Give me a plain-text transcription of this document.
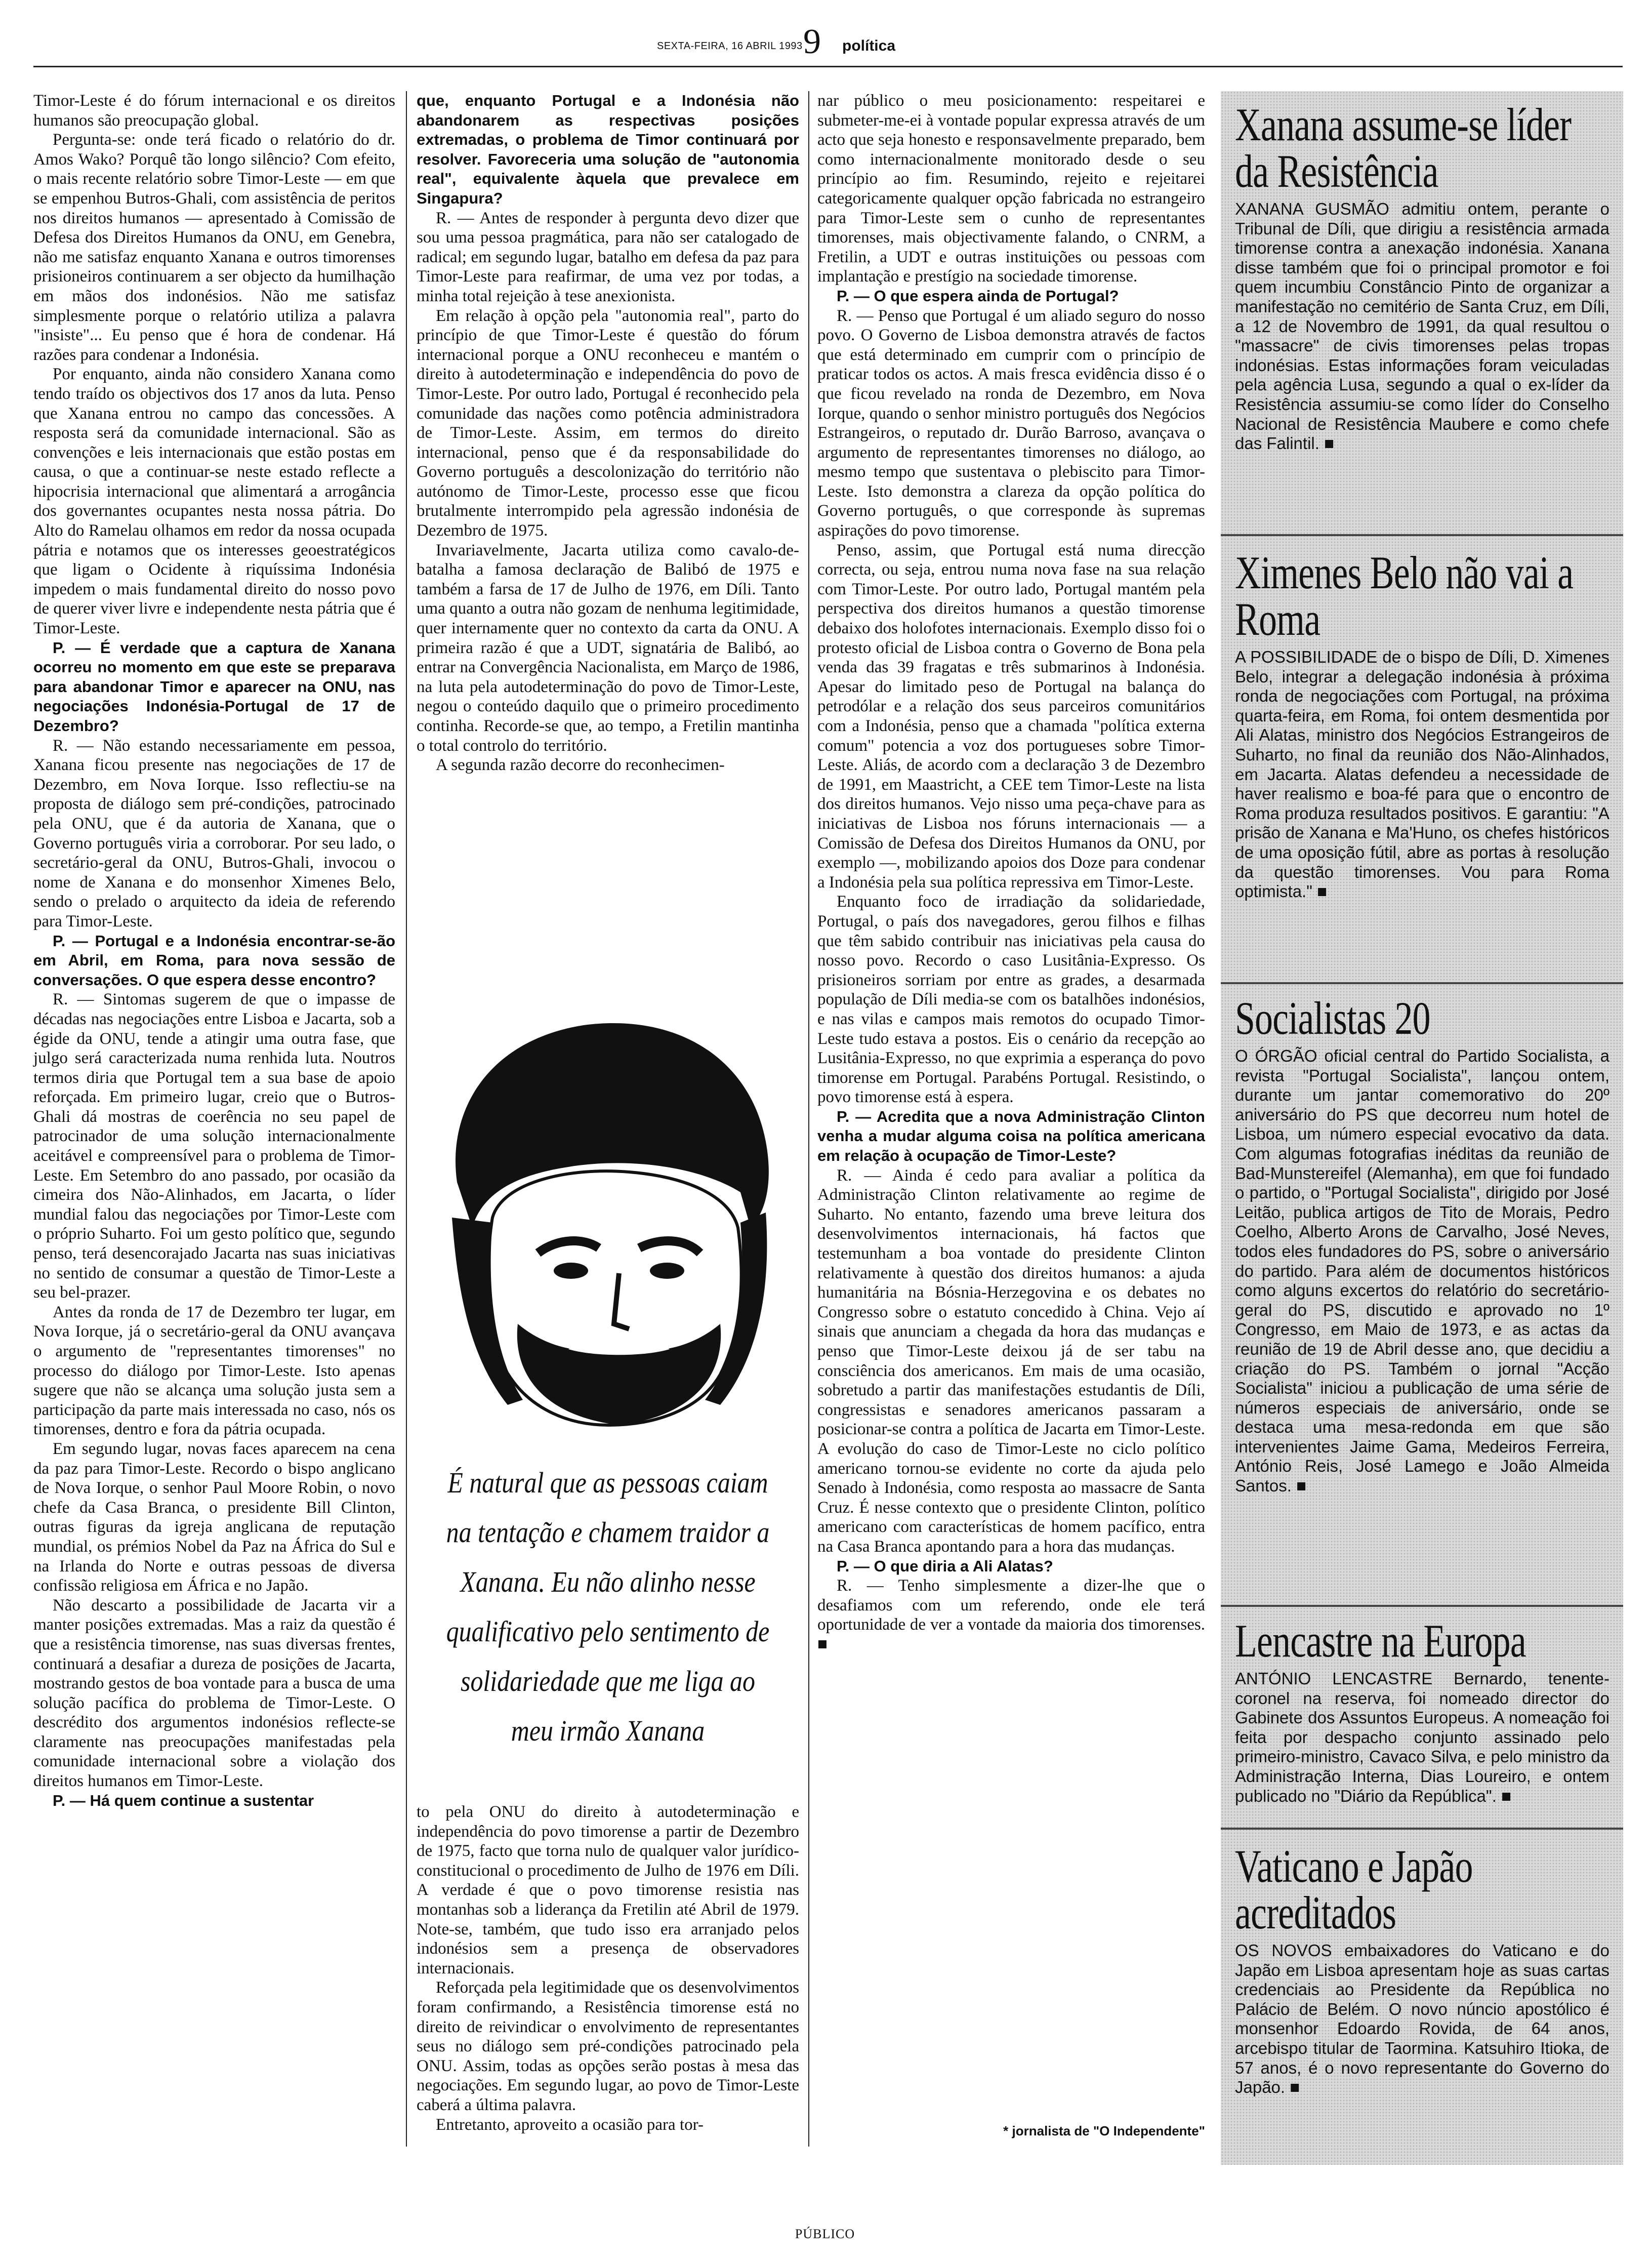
SEXTA-FEIRA, 16 ABRIL 1993 9 política

Timor-Leste é do fórum internacional e os direitos humanos são preocupação global.

Pergunta-se: onde terá ficado o relatório do dr. Amos Wako? Porquê tão longo silêncio? Com efeito, o mais recente relatório sobre Timor-Leste — em que se empenhou Butros-Ghali, com assistência de peritos nos direitos humanos — apresentado à Comissão de Defesa dos Direitos Humanos da ONU, em Genebra, não me satisfaz enquanto Xanana e outros timorenses prisioneiros continuarem a ser objecto da humilhação em mãos dos indonésios. Não me satisfaz simplesmente porque o relatório utiliza a palavra "insiste"... Eu penso que é hora de condenar. Há razões para condenar a Indonésia.

Por enquanto, ainda não considero Xanana como tendo traído os objectivos dos 17 anos da luta. Penso que Xanana entrou no campo das concessões. A resposta será da comunidade internacional. São as convenções e leis internacionais que estão postas em causa, o que a continuar-se neste estado reflecte a hipocrisia internacional que alimentará a arrogância dos governantes ocupantes nesta nossa pátria. Do Alto do Ramelau olhamos em redor da nossa ocupada pátria e notamos que os interesses geoestratégicos que ligam o Ocidente à riquíssima Indonésia impedem o mais fundamental direito do nosso povo de querer viver livre e independente nesta pátria que é Timor-Leste.

P. — É verdade que a captura de Xanana ocorreu no momento em que este se preparava para abandonar Timor e aparecer na ONU, nas negociações Indonésia-Portugal de 17 de Dezembro?

R. — Não estando necessariamente em pessoa, Xanana ficou presente nas negociações de 17 de Dezembro, em Nova Iorque. Isso reflectiu-se na proposta de diálogo sem pré-condições, patrocinado pela ONU, que é da autoria de Xanana, que o Governo português viria a corroborar. Por seu lado, o secretário-geral da ONU, Butros-Ghali, invocou o nome de Xanana e do monsenhor Ximenes Belo, sendo o prelado o arquitecto da ideia de referendo para Timor-Leste.

P. — Portugal e a Indonésia encontrar-se-ão em Abril, em Roma, para nova sessão de conversações. O que espera desse encontro?

R. — Sintomas sugerem de que o impasse de décadas nas negociações entre Lisboa e Jacarta, sob a égide da ONU, tende a atingir uma outra fase, que julgo será caracterizada numa renhida luta. Noutros termos diria que Portugal tem a sua base de apoio reforçada. Em primeiro lugar, creio que o Butros-Ghali dá mostras de coerência no seu papel de patrocinador de uma solução internacionalmente aceitável e compreensível para o problema de Timor-Leste. Em Setembro do ano passado, por ocasião da cimeira dos Não-Alinhados, em Jacarta, o líder mundial falou das negociações por Timor-Leste com o próprio Suharto. Foi um gesto político que, segundo penso, terá desencorajado Jacarta nas suas iniciativas no sentido de consumar a questão de Timor-Leste a seu bel-prazer.

Antes da ronda de 17 de Dezembro ter lugar, em Nova Iorque, já o secretário-geral da ONU avançava o argumento de "representantes timorenses" no processo do diálogo por Timor-Leste. Isto apenas sugere que não se alcança uma solução justa sem a participação da parte mais interessada no caso, nós os timorenses, dentro e fora da pátria ocupada.

Em segundo lugar, novas faces aparecem na cena da paz para Timor-Leste. Recordo o bispo anglicano de Nova Iorque, o senhor Paul Moore Robin, o novo chefe da Casa Branca, o presidente Bill Clinton, outras figuras da igreja anglicana de reputação mundial, os prémios Nobel da Paz na África do Sul e na Irlanda do Norte e outras pessoas de diversa confissão religiosa em África e no Japão.

Não descarto a possibilidade de Jacarta vir a manter posições extremadas. Mas a raiz da questão é que a resistência timorense, nas suas diversas frentes, continuará a desafiar a dureza de posições de Jacarta, mostrando gestos de boa vontade para a busca de uma solução pacífica do problema de Timor-Leste. O descrédito dos argumentos indonésios reflecte-se claramente nas preocupações manifestadas pela comunidade internacional sobre a violação dos direitos humanos em Timor-Leste.

P. — Há quem continue a sustentar

que, enquanto Portugal e a Indonésia não abandonarem as respectivas posições extremadas, o problema de Timor continuará por resolver. Favoreceria uma solução de "autonomia real", equivalente àquela que prevalece em Singapura?

R. — Antes de responder à pergunta devo dizer que sou uma pessoa pragmática, para não ser catalogado de radical; em segundo lugar, batalho em defesa da paz para Timor-Leste para reafirmar, de uma vez por todas, a minha total rejeição à tese anexionista.

Em relação à opção pela "autonomia real", parto do princípio de que Timor-Leste é questão do fórum internacional porque a ONU reconheceu e mantém o direito à autodeterminação e independência do povo de Timor-Leste. Por outro lado, Portugal é reconhecido pela comunidade das nações como potência administradora de Timor-Leste. Assim, em termos do direito internacional, penso que é da responsabilidade do Governo português a descolonização do território não autónomo de Timor-Leste, processo esse que ficou brutalmente interrompido pela agressão indonésia de Dezembro de 1975.

Invariavelmente, Jacarta utiliza como cavalo-de-batalha a famosa declaração de Balibó de 1975 e também a farsa de 17 de Julho de 1976, em Díli. Tanto uma quanto a outra não gozam de nenhuma legitimidade, quer internamente quer no contexto da carta da ONU. A primeira razão é que a UDT, signatária de Balibó, ao entrar na Convergência Nacionalista, em Março de 1986, na luta pela autodeterminação do povo de Timor-Leste, negou o conteúdo daquilo que o primeiro procedimento continha. Recorde-se que, ao tempo, a Fretilin mantinha o total controlo do território.

A segunda razão decorre do reconhecimen-

É natural que as pessoas caiam na tentação e chamem traidor a Xanana. Eu não alinho nesse qualificativo pelo sentimento de solidariedade que me liga ao meu irmão Xanana

to pela ONU do direito à autodeterminação e independência do povo timorense a partir de Dezembro de 1975, facto que torna nulo de qualquer valor jurídico-constitucional o procedimento de Julho de 1976 em Díli. A verdade é que o povo timorense resistia nas montanhas sob a liderança da Fretilin até Abril de 1979. Note-se, também, que tudo isso era arranjado pelos indonésios sem a presença de observadores internacionais.

Reforçada pela legitimidade que os desenvolvimentos foram confirmando, a Resistência timorense está no direito de reivindicar o envolvimento de representantes seus no diálogo sem pré-condições patrocinado pela ONU. Assim, todas as opções serão postas à mesa das negociações. Em segundo lugar, ao povo de Timor-Leste caberá a última palavra.

Entretanto, aproveito a ocasião para tor-

nar público o meu posicionamento: respeitarei e submeter-me-ei à vontade popular expressa através de um acto que seja honesto e responsavelmente preparado, bem como internacionalmente monitorado desde o seu princípio ao fim. Resumindo, rejeito e rejeitarei categoricamente qualquer opção fabricada no estrangeiro para Timor-Leste sem o cunho de representantes timorenses, mais objectivamente falando, o CNRM, a Fretilin, a UDT e outras instituições ou pessoas com implantação e prestígio na sociedade timorense.

P. — O que espera ainda de Portugal?

R. — Penso que Portugal é um aliado seguro do nosso povo. O Governo de Lisboa demonstra através de factos que está determinado em cumprir com o princípio de praticar todos os actos. A mais fresca evidência disso é o que ficou revelado na ronda de Dezembro, em Nova Iorque, quando o senhor ministro português dos Negócios Estrangeiros, o reputado dr. Durão Barroso, avançava o argumento de representantes timorenses no diálogo, ao mesmo tempo que sustentava o plebiscito para Timor-Leste. Isto demonstra a clareza da opção política do Governo português, o que corresponde às supremas aspirações do povo timorense.

Penso, assim, que Portugal está numa direcção correcta, ou seja, entrou numa nova fase na sua relação com Timor-Leste. Por outro lado, Portugal mantém pela perspectiva dos direitos humanos a questão timorense debaixo dos holofotes internacionais. Exemplo disso foi o protesto oficial de Lisboa contra o Governo de Bona pela venda das 39 fragatas e três submarinos à Indonésia. Apesar do limitado peso de Portugal na balança do petrodólar e a relação dos seus parceiros comunitários com a Indonésia, penso que a chamada "política externa comum" potencia a voz dos portugueses sobre Timor-Leste. Aliás, de acordo com a declaração 3 de Dezembro de 1991, em Maastricht, a CEE tem Timor-Leste na lista dos direitos humanos. Vejo nisso uma peça-chave para as iniciativas de Lisboa nos fóruns internacionais — a Comissão de Defesa dos Direitos Humanos da ONU, por exemplo —, mobilizando apoios dos Doze para condenar a Indonésia pela sua política repressiva em Timor-Leste.

Enquanto foco de irradiação da solidariedade, Portugal, o país dos navegadores, gerou filhos e filhas que têm sabido contribuir nas iniciativas pela causa do nosso povo. Recordo o caso Lusitânia-Expresso. Os prisioneiros sorriam por entre as grades, a desarmada população de Díli media-se com os batalhões indonésios, e nas vilas e campos mais remotos do ocupado Timor-Leste tudo estava a postos. Eis o cenário da recepção ao Lusitânia-Expresso, no que exprimia a esperança do povo timorense em Portugal. Parabéns Portugal. Resistindo, o povo timorense está à espera.

P. — Acredita que a nova Administração Clinton venha a mudar alguma coisa na política americana em relação à ocupação de Timor-Leste?

R. — Ainda é cedo para avaliar a política da Administração Clinton relativamente ao regime de Suharto. No entanto, fazendo uma breve leitura dos desenvolvimentos internacionais, há factos que testemunham a boa vontade do presidente Clinton relativamente à questão dos direitos humanos: a ajuda humanitária na Bósnia-Herzegovina e os debates no Congresso sobre o estatuto concedido à China. Vejo aí sinais que anunciam a chegada da hora das mudanças e penso que Timor-Leste deixou já de ser tabu na consciência dos americanos. Em mais de uma ocasião, sobretudo a partir das manifestações estudantis de Díli, congressistas e senadores americanos passaram a posicionar-se contra a política de Jacarta em Timor-Leste. A evolução do caso de Timor-Leste no ciclo político americano tornou-se evidente no corte da ajuda pelo Senado à Indonésia, como resposta ao massacre de Santa Cruz. É nesse contexto que o presidente Clinton, político americano com características de homem pacífico, entra na Casa Branca apontando para a hora das mudanças.

P. — O que diria a Ali Alatas?

R. — Tenho simplesmente a dizer-lhe que o desafiamos com um referendo, onde ele terá oportunidade de ver a vontade da maioria dos timorenses. ■

* jornalista de "O Independente"
Xanana assume-se líder da Resistência

XANANA GUSMÃO admitiu ontem, perante o Tribunal de Díli, que dirigiu a resistência armada timorense contra a anexação indonésia. Xanana disse também que foi o principal promotor e foi quem incumbiu Constâncio Pinto de organizar a manifestação no cemitério de Santa Cruz, em Díli, a 12 de Novembro de 1991, da qual resultou o "massacre" de civis timorenses pelas tropas indonésias. Estas informações foram veiculadas pela agência Lusa, segundo a qual o ex-líder da Resistência assumiu-se como líder do Conselho Nacional de Resistência Maubere e como chefe das Falintil. ■

Ximenes Belo não vai a Roma

A POSSIBILIDADE de o bispo de Díli, D. Ximenes Belo, integrar a delegação indonésia à próxima ronda de negociações com Portugal, na próxima quarta-feira, em Roma, foi ontem desmentida por Ali Alatas, ministro dos Negócios Estrangeiros de Suharto, no final da reunião dos Não-Alinhados, em Jacarta. Alatas defendeu a necessidade de haver realismo e boa-fé para que o encontro de Roma produza resultados positivos. E garantiu: "A prisão de Xanana e Ma'Huno, os chefes históricos de uma oposição fútil, abre as portas à resolução da questão timorenses. Vou para Roma optimista." ■

Socialistas 20

O ÓRGÃO oficial central do Partido Socialista, a revista "Portugal Socialista", lançou ontem, durante um jantar comemorativo do 20º aniversário do PS que decorreu num hotel de Lisboa, um número especial evocativo da data. Com algumas fotografias inéditas da reunião de Bad-Munstereifel (Alemanha), em que foi fundado o partido, o "Portugal Socialista", dirigido por José Leitão, publica artigos de Tito de Morais, Pedro Coelho, Alberto Arons de Carvalho, José Neves, todos eles fundadores do PS, sobre o aniversário do partido. Para além de documentos históricos como alguns excertos do relatório do secretário-geral do PS, discutido e aprovado no 1º Congresso, em Maio de 1973, e as actas da reunião de 19 de Abril desse ano, que decidiu a criação do PS. Também o jornal "Acção Socialista" iniciou a publicação de uma série de números especiais de aniversário, onde se destaca uma mesa-redonda em que são intervenientes Jaime Gama, Medeiros Ferreira, António Reis, José Lamego e João Almeida Santos. ■

Lencastre na Europa

ANTÓNIO LENCASTRE Bernardo, tenente-coronel na reserva, foi nomeado director do Gabinete dos Assuntos Europeus. A nomeação foi feita por despacho conjunto assinado pelo primeiro-ministro, Cavaco Silva, e pelo ministro da Administração Interna, Dias Loureiro, e ontem publicado no "Diário da República". ■

Vaticano e Japão acreditados

OS NOVOS embaixadores do Vaticano e do Japão em Lisboa apresentam hoje as suas cartas credenciais ao Presidente da República no Palácio de Belém. O novo núncio apostólico é monsenhor Edoardo Rovida, de 64 anos, arcebispo titular de Taormina. Katsuhiro Itioka, de 57 anos, é o novo representante do Governo do Japão. ■

PÚBLICO
